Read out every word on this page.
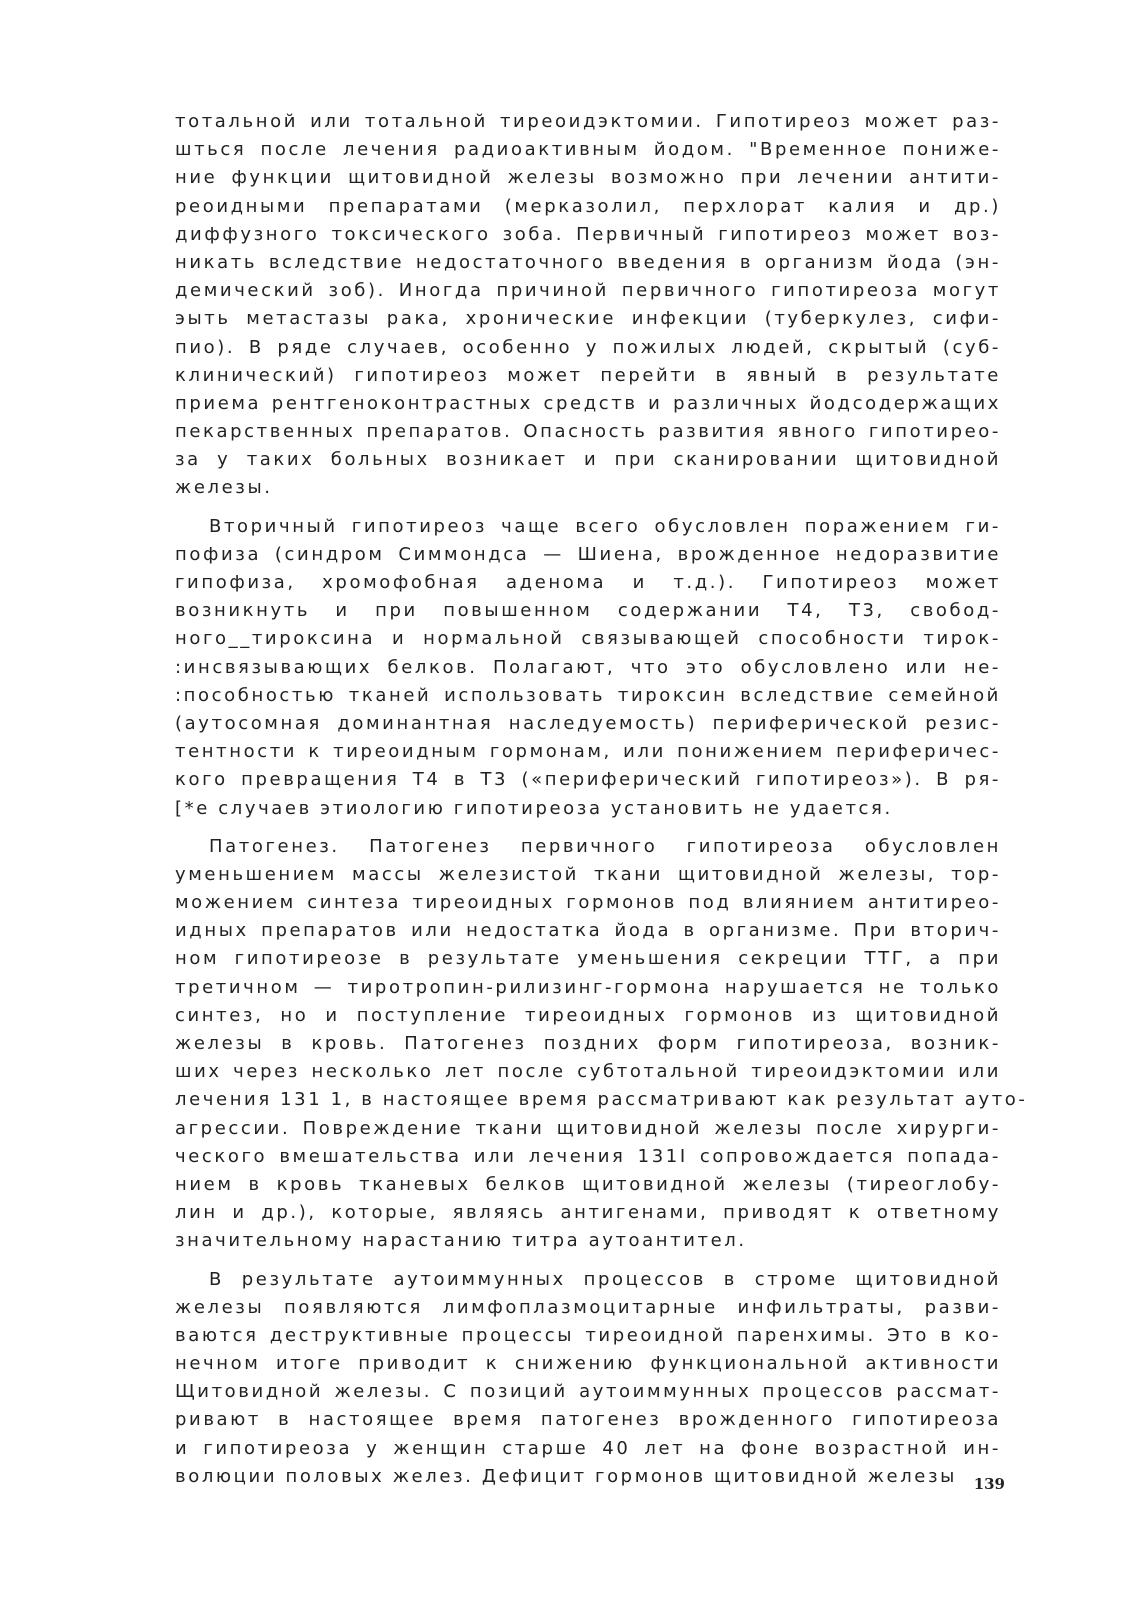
тотальной или тотальной тиреоидэктомии. Гипотиреоз может раз-
шться после лечения радиоактивным йодом. "Временное пониже-
ние функции щитовидной железы возможно при лечении антити-
реоидными препаратами (мерказолил, перхлорат калия и др.)
диффузного токсического зоба. Первичный гипотиреоз может воз-
никать вследствие недостаточного введения в организм йода (эн-
демический зоб). Иногда причиной первичного гипотиреоза могут
эыть метастазы рака, хронические инфекции (туберкулез, сифи-
пио). В ряде случаев, особенно у пожилых людей, скрытый (суб-
клинический) гипотиреоз может перейти в явный в результате
приема рентгеноконтрастных средств и различных йодсодержащих
пекарственных препаратов. Опасность развития явного гипотирео-
за у таких больных возникает и при сканировании щитовидной
железы.
Вторичный гипотиреоз чаще всего обусловлен поражением ги-
пофиза (синдром Симмондса — Шиена, врожденное недоразвитие
гипофиза, хромофобная аденома и т.д.). Гипотиреоз может
возникнуть и при повышенном содержании Т4, Т3, свобод-
ного__тироксина и нормальной связывающей способности тирок-
:инсвязывающих белков. Полагают, что это обусловлено или не-
:пособностью тканей использовать тироксин вследствие семейной
(аутосомная доминантная наследуемость) периферической резис-
тентности к тиреоидным гормонам, или понижением периферичес-
кого превращения Т4 в Т3 («периферический гипотиреоз»). В ря-
[*е случаев этиологию гипотиреоза установить не удается.
Патогенез. Патогенез первичного гипотиреоза обусловлен
уменьшением массы железистой ткани щитовидной железы, тор-
можением синтеза тиреоидных гормонов под влиянием антитирео-
идных препаратов или недостатка йода в организме. При вторич-
ном гипотиреозе в результате уменьшения секреции ТТГ, а при
третичном — тиротропин-рилизинг-гормона нарушается не только
синтез, но и поступление тиреоидных гормонов из щитовидной
железы в кровь. Патогенез поздних форм гипотиреоза, возник-
ших через несколько лет после субтотальной тиреоидэктомии или
лечения 131 1, в настоящее время рассматривают как результат ауто-
агрессии. Повреждение ткани щитовидной железы после хирурги-
ческого вмешательства или лечения 131I сопровождается попада-
нием в кровь тканевых белков щитовидной железы (тиреоглобу-
лин и др.), которые, являясь антигенами, приводят к ответному
значительному нарастанию титра аутоантител.
В результате аутоиммунных процессов в строме щитовидной
железы появляются лимфоплазмоцитарные инфильтраты, разви-
ваются деструктивные процессы тиреоидной паренхимы. Это в ко-
нечном итоге приводит к снижению функциональной активности
Щитовидной железы. С позиций аутоиммунных процессов рассмат-
ривают в настоящее время патогенез врожденного гипотиреоза
и гипотиреоза у женщин старше 40 лет на фоне возрастной ин-
волюции половых желез. Дефицит гормонов щитовидной железы	139
